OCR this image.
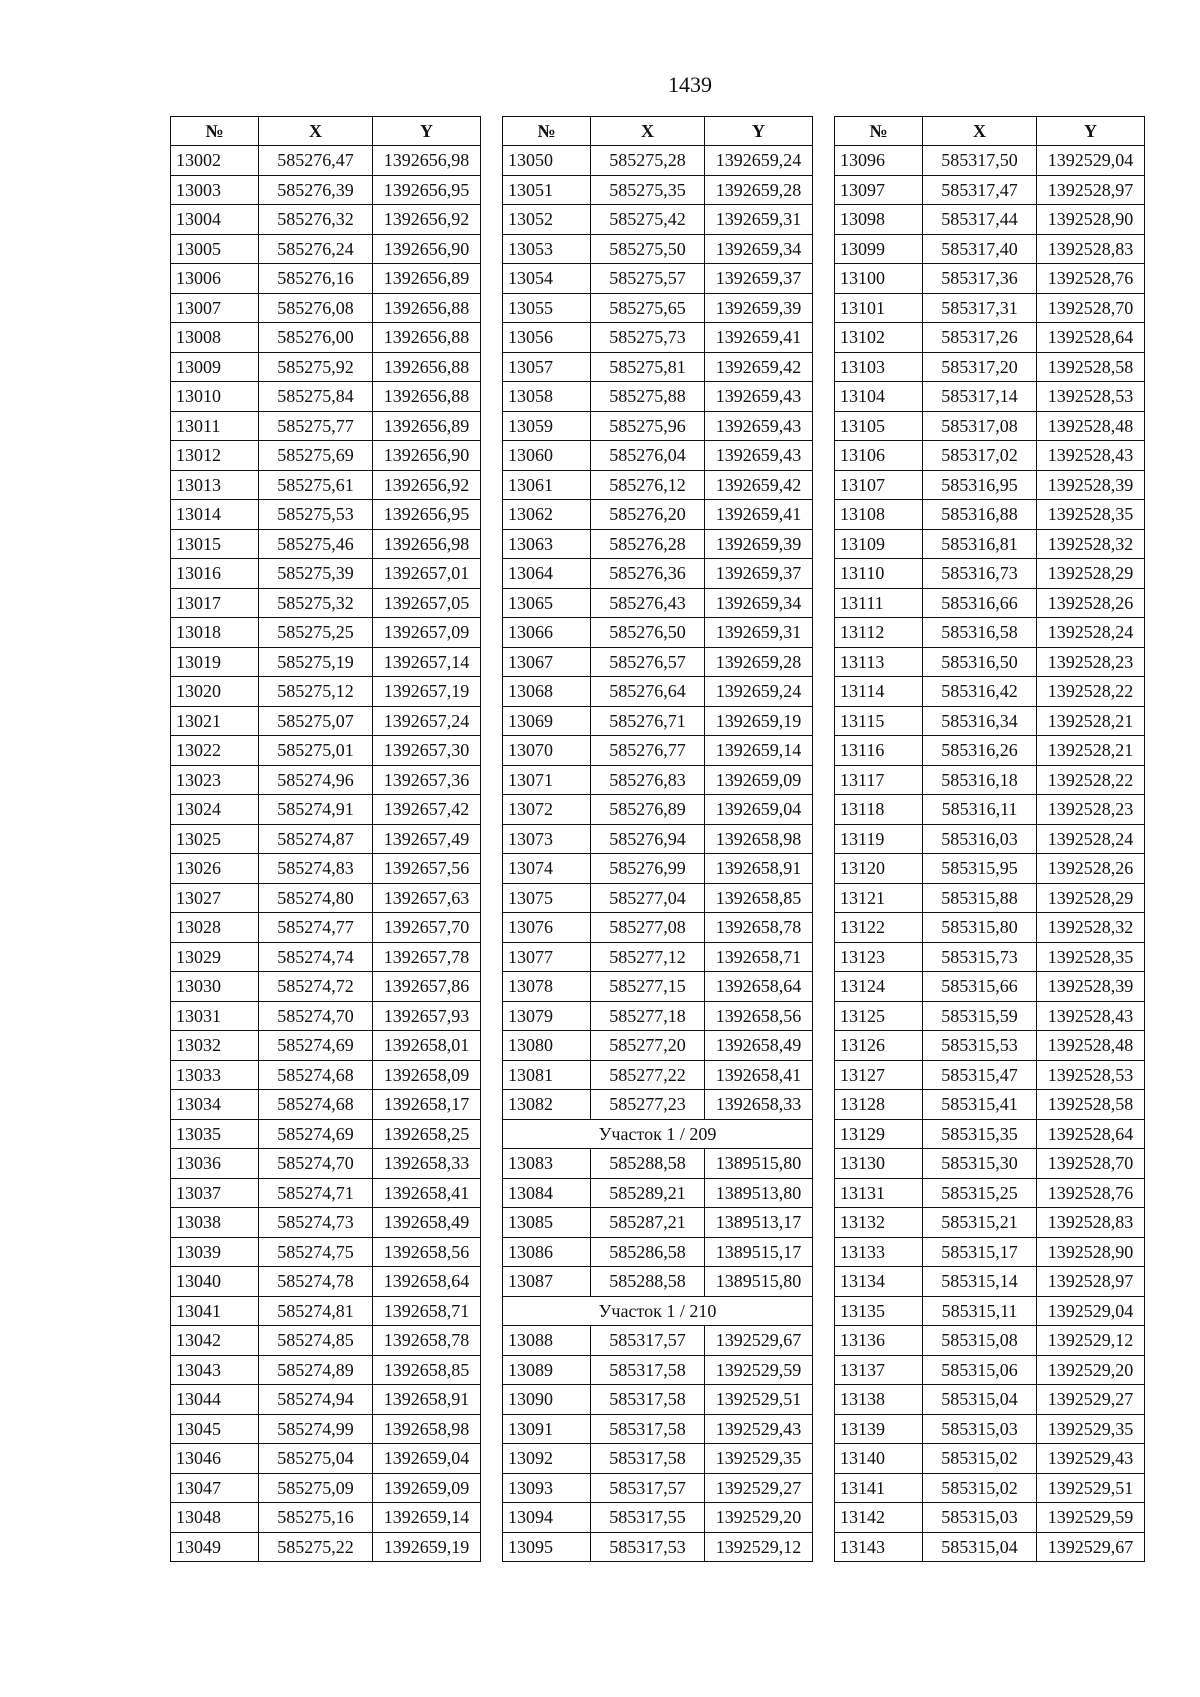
1439
№	X	Y
13002	585276,47	1392656,98
13003	585276,39	1392656,95
13004	585276,32	1392656,92
13005	585276,24	1392656,90
13006	585276,16	1392656,89
13007	585276,08	1392656,88
13008	585276,00	1392656,88
13009	585275,92	1392656,88
13010	585275,84	1392656,88
13011	585275,77	1392656,89
13012	585275,69	1392656,90
13013	585275,61	1392656,92
13014	585275,53	1392656,95
13015	585275,46	1392656,98
13016	585275,39	1392657,01
13017	585275,32	1392657,05
13018	585275,25	1392657,09
13019	585275,19	1392657,14
13020	585275,12	1392657,19
13021	585275,07	1392657,24
13022	585275,01	1392657,30
13023	585274,96	1392657,36
13024	585274,91	1392657,42
13025	585274,87	1392657,49
13026	585274,83	1392657,56
13027	585274,80	1392657,63
13028	585274,77	1392657,70
13029	585274,74	1392657,78
13030	585274,72	1392657,86
13031	585274,70	1392657,93
13032	585274,69	1392658,01
13033	585274,68	1392658,09
13034	585274,68	1392658,17
13035	585274,69	1392658,25
13036	585274,70	1392658,33
13037	585274,71	1392658,41
13038	585274,73	1392658,49
13039	585274,75	1392658,56
13040	585274,78	1392658,64
13041	585274,81	1392658,71
13042	585274,85	1392658,78
13043	585274,89	1392658,85
13044	585274,94	1392658,91
13045	585274,99	1392658,98
13046	585275,04	1392659,04
13047	585275,09	1392659,09
13048	585275,16	1392659,14
13049	585275,22	1392659,19
№	X	Y
13050	585275,28	1392659,24
13051	585275,35	1392659,28
13052	585275,42	1392659,31
13053	585275,50	1392659,34
13054	585275,57	1392659,37
13055	585275,65	1392659,39
13056	585275,73	1392659,41
13057	585275,81	1392659,42
13058	585275,88	1392659,43
13059	585275,96	1392659,43
13060	585276,04	1392659,43
13061	585276,12	1392659,42
13062	585276,20	1392659,41
13063	585276,28	1392659,39
13064	585276,36	1392659,37
13065	585276,43	1392659,34
13066	585276,50	1392659,31
13067	585276,57	1392659,28
13068	585276,64	1392659,24
13069	585276,71	1392659,19
13070	585276,77	1392659,14
13071	585276,83	1392659,09
13072	585276,89	1392659,04
13073	585276,94	1392658,98
13074	585276,99	1392658,91
13075	585277,04	1392658,85
13076	585277,08	1392658,78
13077	585277,12	1392658,71
13078	585277,15	1392658,64
13079	585277,18	1392658,56
13080	585277,20	1392658,49
13081	585277,22	1392658,41
13082	585277,23	1392658,33
Участок 1 / 209		
13083	585288,58	1389515,80
13084	585289,21	1389513,80
13085	585287,21	1389513,17
13086	585286,58	1389515,17
13087	585288,58	1389515,80
Участок 1 / 210		
13088	585317,57	1392529,67
13089	585317,58	1392529,59
13090	585317,58	1392529,51
13091	585317,58	1392529,43
13092	585317,58	1392529,35
13093	585317,57	1392529,27
13094	585317,55	1392529,20
13095	585317,53	1392529,12
№	X	Y
13096	585317,50	1392529,04
13097	585317,47	1392528,97
13098	585317,44	1392528,90
13099	585317,40	1392528,83
13100	585317,36	1392528,76
13101	585317,31	1392528,70
13102	585317,26	1392528,64
13103	585317,20	1392528,58
13104	585317,14	1392528,53
13105	585317,08	1392528,48
13106	585317,02	1392528,43
13107	585316,95	1392528,39
13108	585316,88	1392528,35
13109	585316,81	1392528,32
13110	585316,73	1392528,29
13111	585316,66	1392528,26
13112	585316,58	1392528,24
13113	585316,50	1392528,23
13114	585316,42	1392528,22
13115	585316,34	1392528,21
13116	585316,26	1392528,21
13117	585316,18	1392528,22
13118	585316,11	1392528,23
13119	585316,03	1392528,24
13120	585315,95	1392528,26
13121	585315,88	1392528,29
13122	585315,80	1392528,32
13123	585315,73	1392528,35
13124	585315,66	1392528,39
13125	585315,59	1392528,43
13126	585315,53	1392528,48
13127	585315,47	1392528,53
13128	585315,41	1392528,58
13129	585315,35	1392528,64
13130	585315,30	1392528,70
13131	585315,25	1392528,76
13132	585315,21	1392528,83
13133	585315,17	1392528,90
13134	585315,14	1392528,97
13135	585315,11	1392529,04
13136	585315,08	1392529,12
13137	585315,06	1392529,20
13138	585315,04	1392529,27
13139	585315,03	1392529,35
13140	585315,02	1392529,43
13141	585315,02	1392529,51
13142	585315,03	1392529,59
13143	585315,04	1392529,67
